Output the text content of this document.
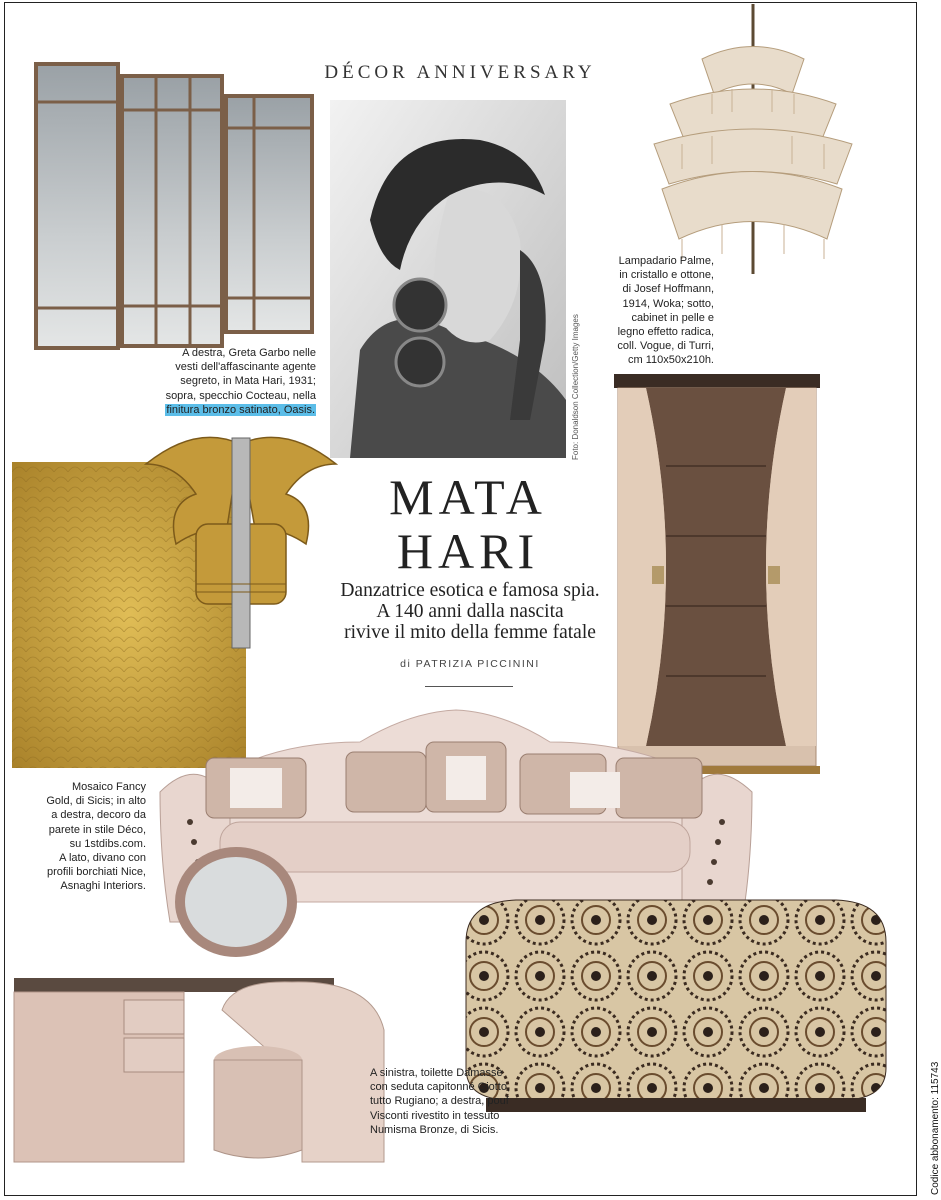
DÉCOR ANNIVERSARY
Foto: Donaldson Collection/Getty Images
A destra, Greta Garbo nelle
vesti dell'affascinante agente
segreto, in Mata Hari, 1931;
sopra, specchio Cocteau, nella
finitura bronzo satinato, Oasis.
Lampadario Palme,
in cristallo e ottone,
di Josef Hoffmann,
1914, Woka; sotto,
cabinet in pelle e
legno effetto radica,
coll. Vogue, di Turri,
cm 110x50x210h.
MATA
HARI
Danzatrice esotica e famosa spia.
A 140 anni dalla nascita
rivive il mito della femme fatale
di PATRIZIA PICCININI
Mosaico Fancy
Gold, di Sicis; in alto
a destra, decoro da
parete in stile Déco,
su 1stdibs.com.
A lato, divano con
profili borchiati Nice,
Asnaghi Interiors.
A sinistra, toilette Damassè
con seduta capitonné Giotto,
tutto Rugiano; a destra, pouf
Visconti rivestito in tessuto
Numisma Bronze, di Sicis.	Codice abbonamento: 115743
